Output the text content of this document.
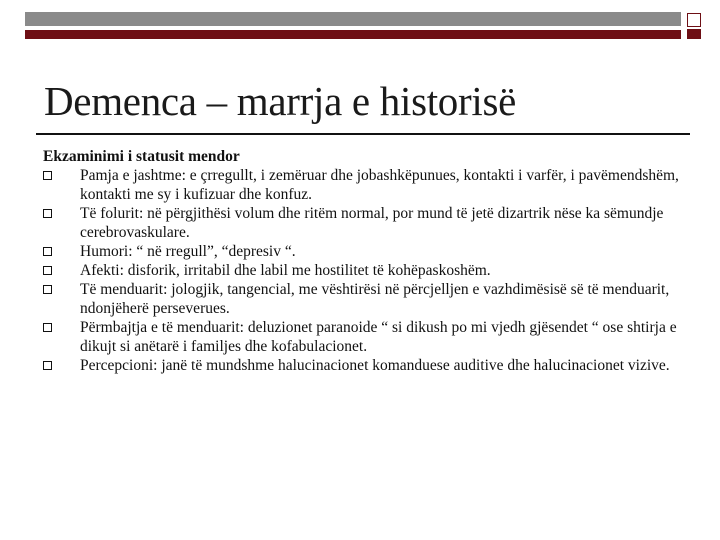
Demenca – marrja e historisë

Ekzaminimi i statusit mendor

Pamja e jashtme: e çrregullt, i zemëruar dhe jobashkëpunues, kontakti i varfër, i pavëmendshëm, kontakti me sy i kufizuar dhe konfuz.
Të folurit: në përgjithësi volum dhe ritëm normal, por mund të jetë dizartrik nëse ka sëmundje cerebrovaskulare.
Humori: “ në rregull”, “depresiv “.
Afekti: disforik, irritabil dhe labil me hostilitet të kohëpaskoshëm.
Të menduarit: jologjik, tangencial, me vështirësi në përcjelljen e vazhdimësisë së të menduarit, ndonjëherë perseverues.
Përmbajtja e të menduarit: deluzionet paranoide “ si dikush po mi vjedh gjësendet “ ose shtirja e dikujt si anëtarë i familjes dhe kofabulacionet.
Percepcioni: janë të mundshme halucinacionet komanduese auditive dhe halucinacionet vizive.
